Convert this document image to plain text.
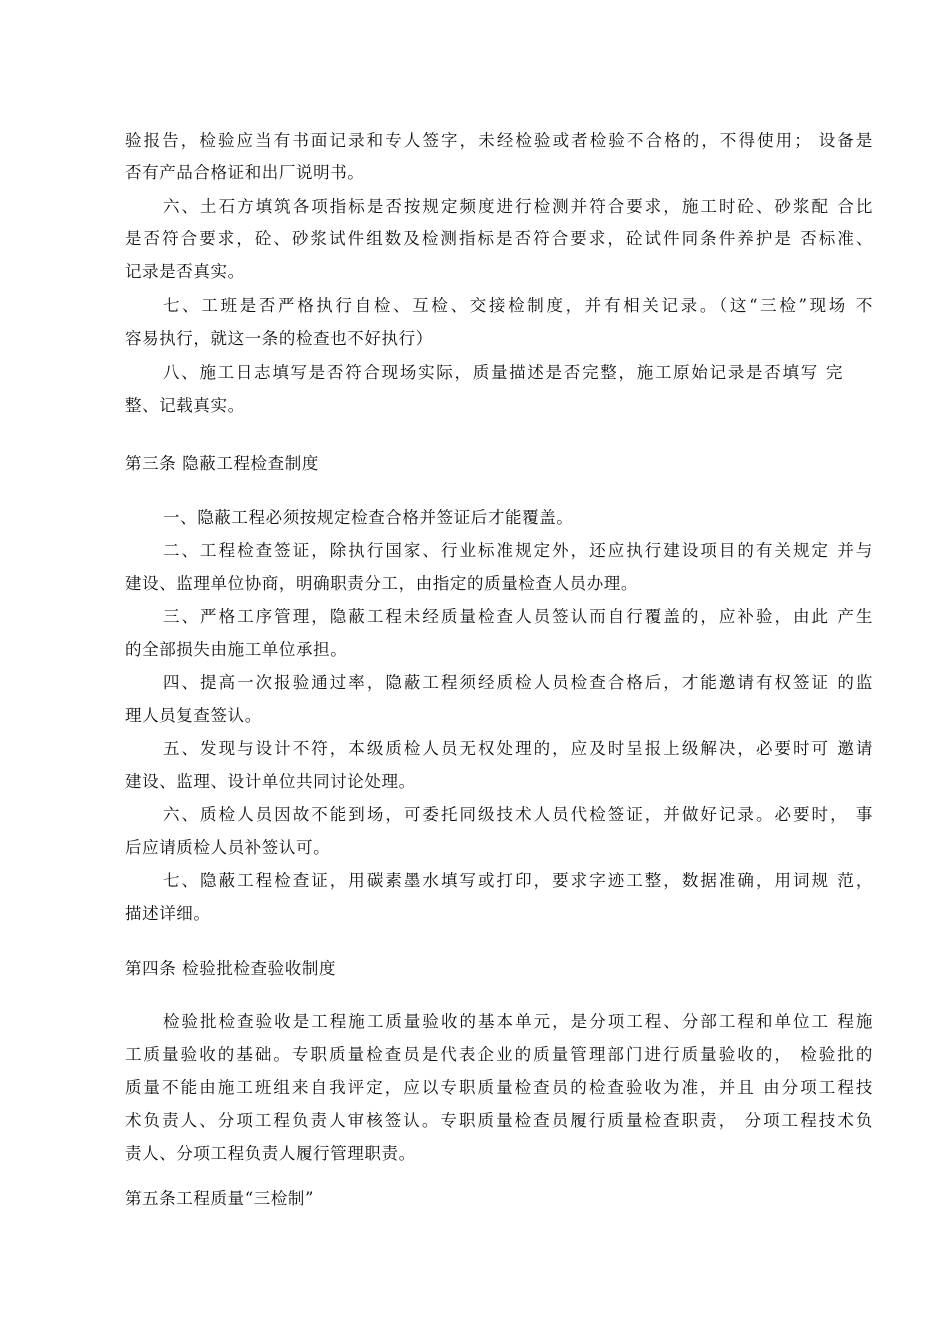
验报告，检验应当有书面记录和专人签字，未经检验或者检验不合格的，不得使用； 设备是
否有产品合格证和出厂说明书。
六、土石方填筑各项指标是否按规定频度进行检测并符合要求，施工时砼、砂浆配 合比
是否符合要求，砼、砂浆试件组数及检测指标是否符合要求，砼试件同条件养护是 否标准、
记录是否真实。
七、工班是否严格执行自检、互检、交接检制度，并有相关记录。（这“三检”现场 不
容易执行，就这一条的检查也不好执行）
八、施工日志填写是否符合现场实际，质量描述是否完整，施工原始记录是否填写 完
整、记载真实。
第三条 隐蔽工程检查制度
一、隐蔽工程必须按规定检查合格并签证后才能覆盖。
二、工程检查签证，除执行国家、行业标准规定外，还应执行建设项目的有关规定 并与
建设、监理单位协商，明确职责分工，由指定的质量检查人员办理。
三、严格工序管理，隐蔽工程未经质量检查人员签认而自行覆盖的，应补验，由此 产生
的全部损失由施工单位承担。
四、提高一次报验通过率，隐蔽工程须经质检人员检查合格后，才能邀请有权签证 的监
理人员复查签认。
五、发现与设计不符，本级质检人员无权处理的，应及时呈报上级解决，必要时可 邀请
建设、监理、设计单位共同讨论处理。
六、质检人员因故不能到场，可委托同级技术人员代检签证，并做好记录。必要时， 事
后应请质检人员补签认可。
七、隐蔽工程检查证，用碳素墨水填写或打印，要求字迹工整，数据准确，用词规 范，
描述详细。
第四条 检验批检查验收制度
检验批检查验收是工程施工质量验收的基本单元，是分项工程、分部工程和单位工 程施
工质量验收的基础。专职质量检查员是代表企业的质量管理部门进行质量验收的， 检验批的
质量不能由施工班组来自我评定，应以专职质量检查员的检查验收为准，并且 由分项工程技
术负责人、分项工程负责人审核签认。专职质量检查员履行质量检查职责， 分项工程技术负
责人、分项工程负责人履行管理职责。
第五条工程质量“三检制”
